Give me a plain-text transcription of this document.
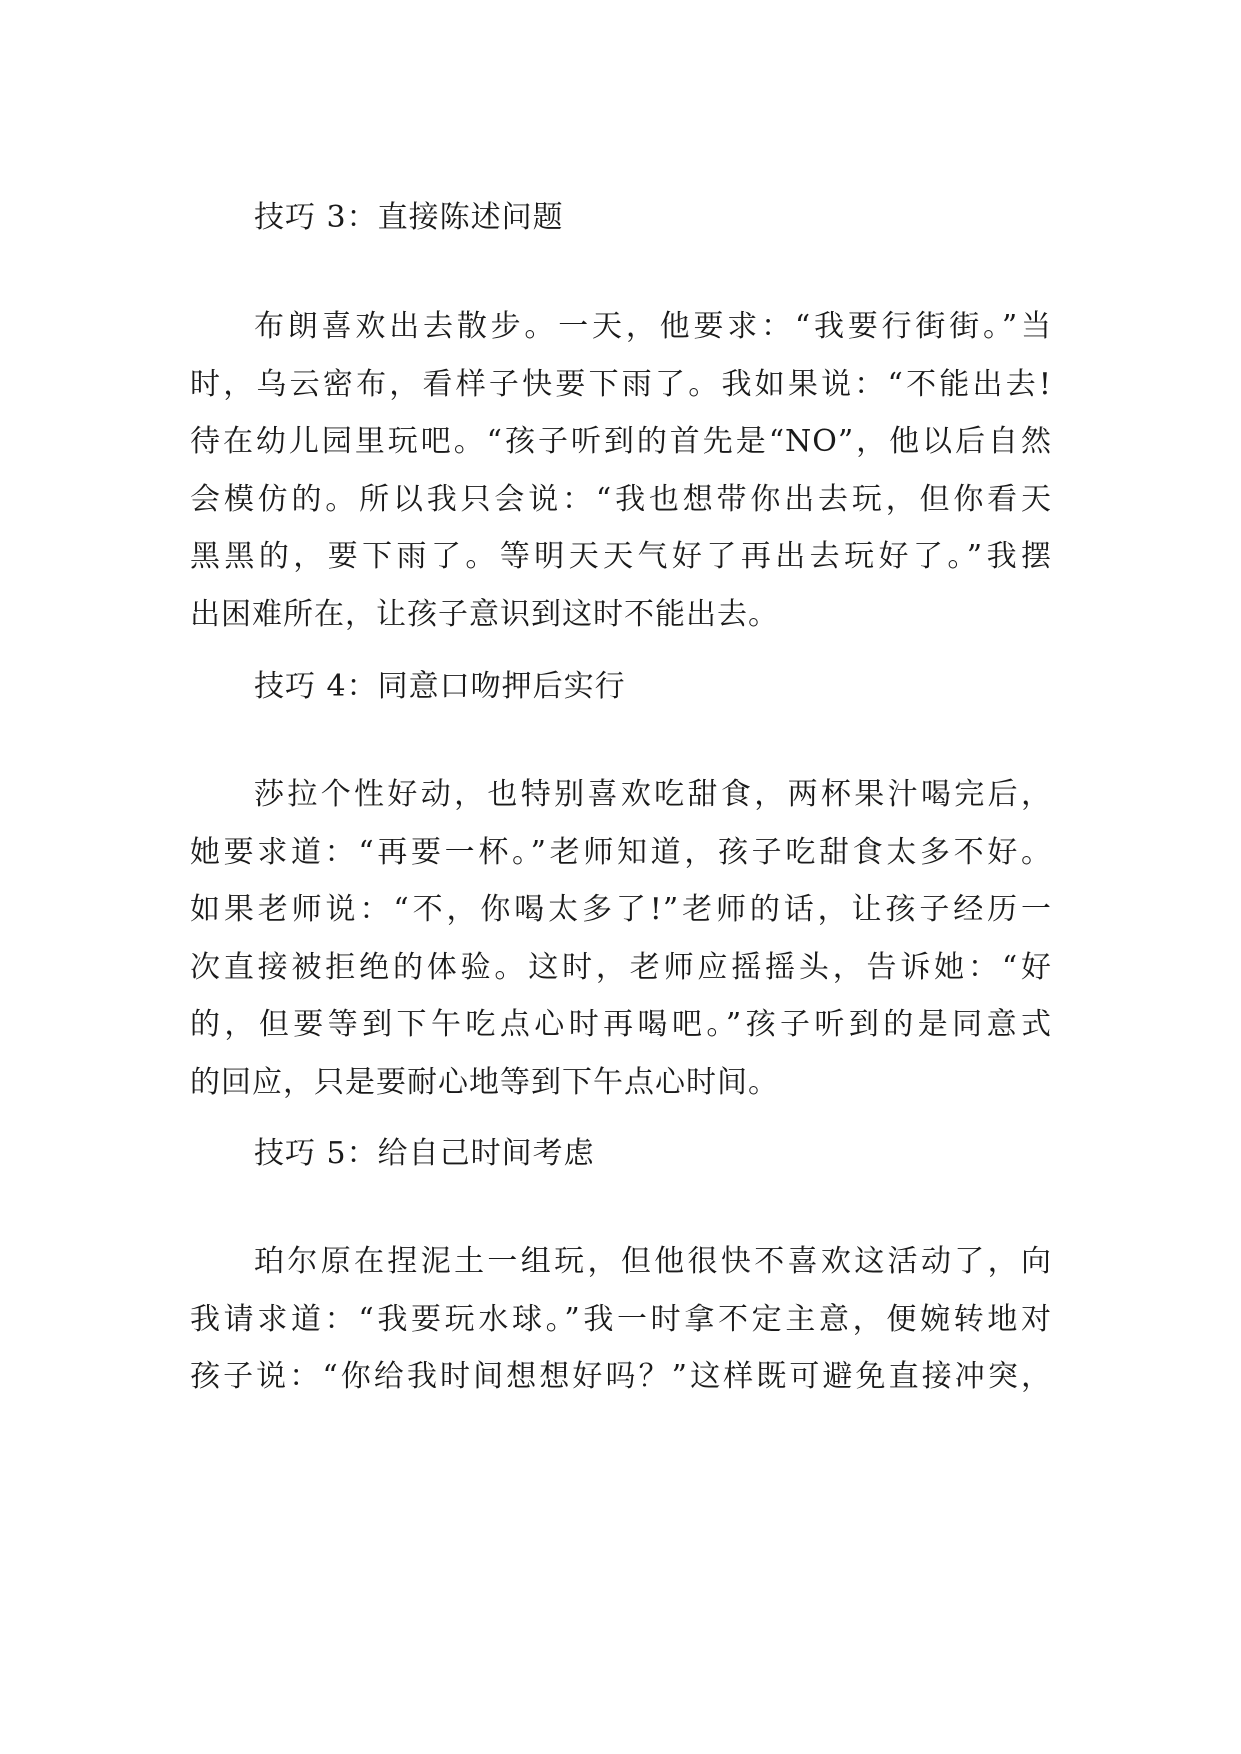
技巧 3：直接陈述问题
布朗喜欢出去散步。一天，他要求：“我要行街街。”当
时，乌云密布，看样子快要下雨了。我如果说：“不能出去!
待在幼儿园里玩吧。“孩子听到的首先是“NO”，他以后自然
会模仿的。所以我只会说：“我也想带你出去玩，但你看天
黑黑的，要下雨了。等明天天气好了再出去玩好了。”我摆
出困难所在，让孩子意识到这时不能出去。
技巧 4：同意口吻押后实行
莎拉个性好动，也特别喜欢吃甜食，两杯果汁喝完后，
她要求道：“再要一杯。”老师知道，孩子吃甜食太多不好。
如果老师说：“不，你喝太多了!”老师的话，让孩子经历一
次直接被拒绝的体验。这时，老师应摇摇头，告诉她：“好
的，但要等到下午吃点心时再喝吧。”孩子听到的是同意式
的回应，只是要耐心地等到下午点心时间。
技巧 5：给自己时间考虑
珀尔原在捏泥土一组玩，但他很快不喜欢这活动了，向
我请求道：“我要玩水球。”我一时拿不定主意，便婉转地对
孩子说：“你给我时间想想好吗？”这样既可避免直接冲突，
